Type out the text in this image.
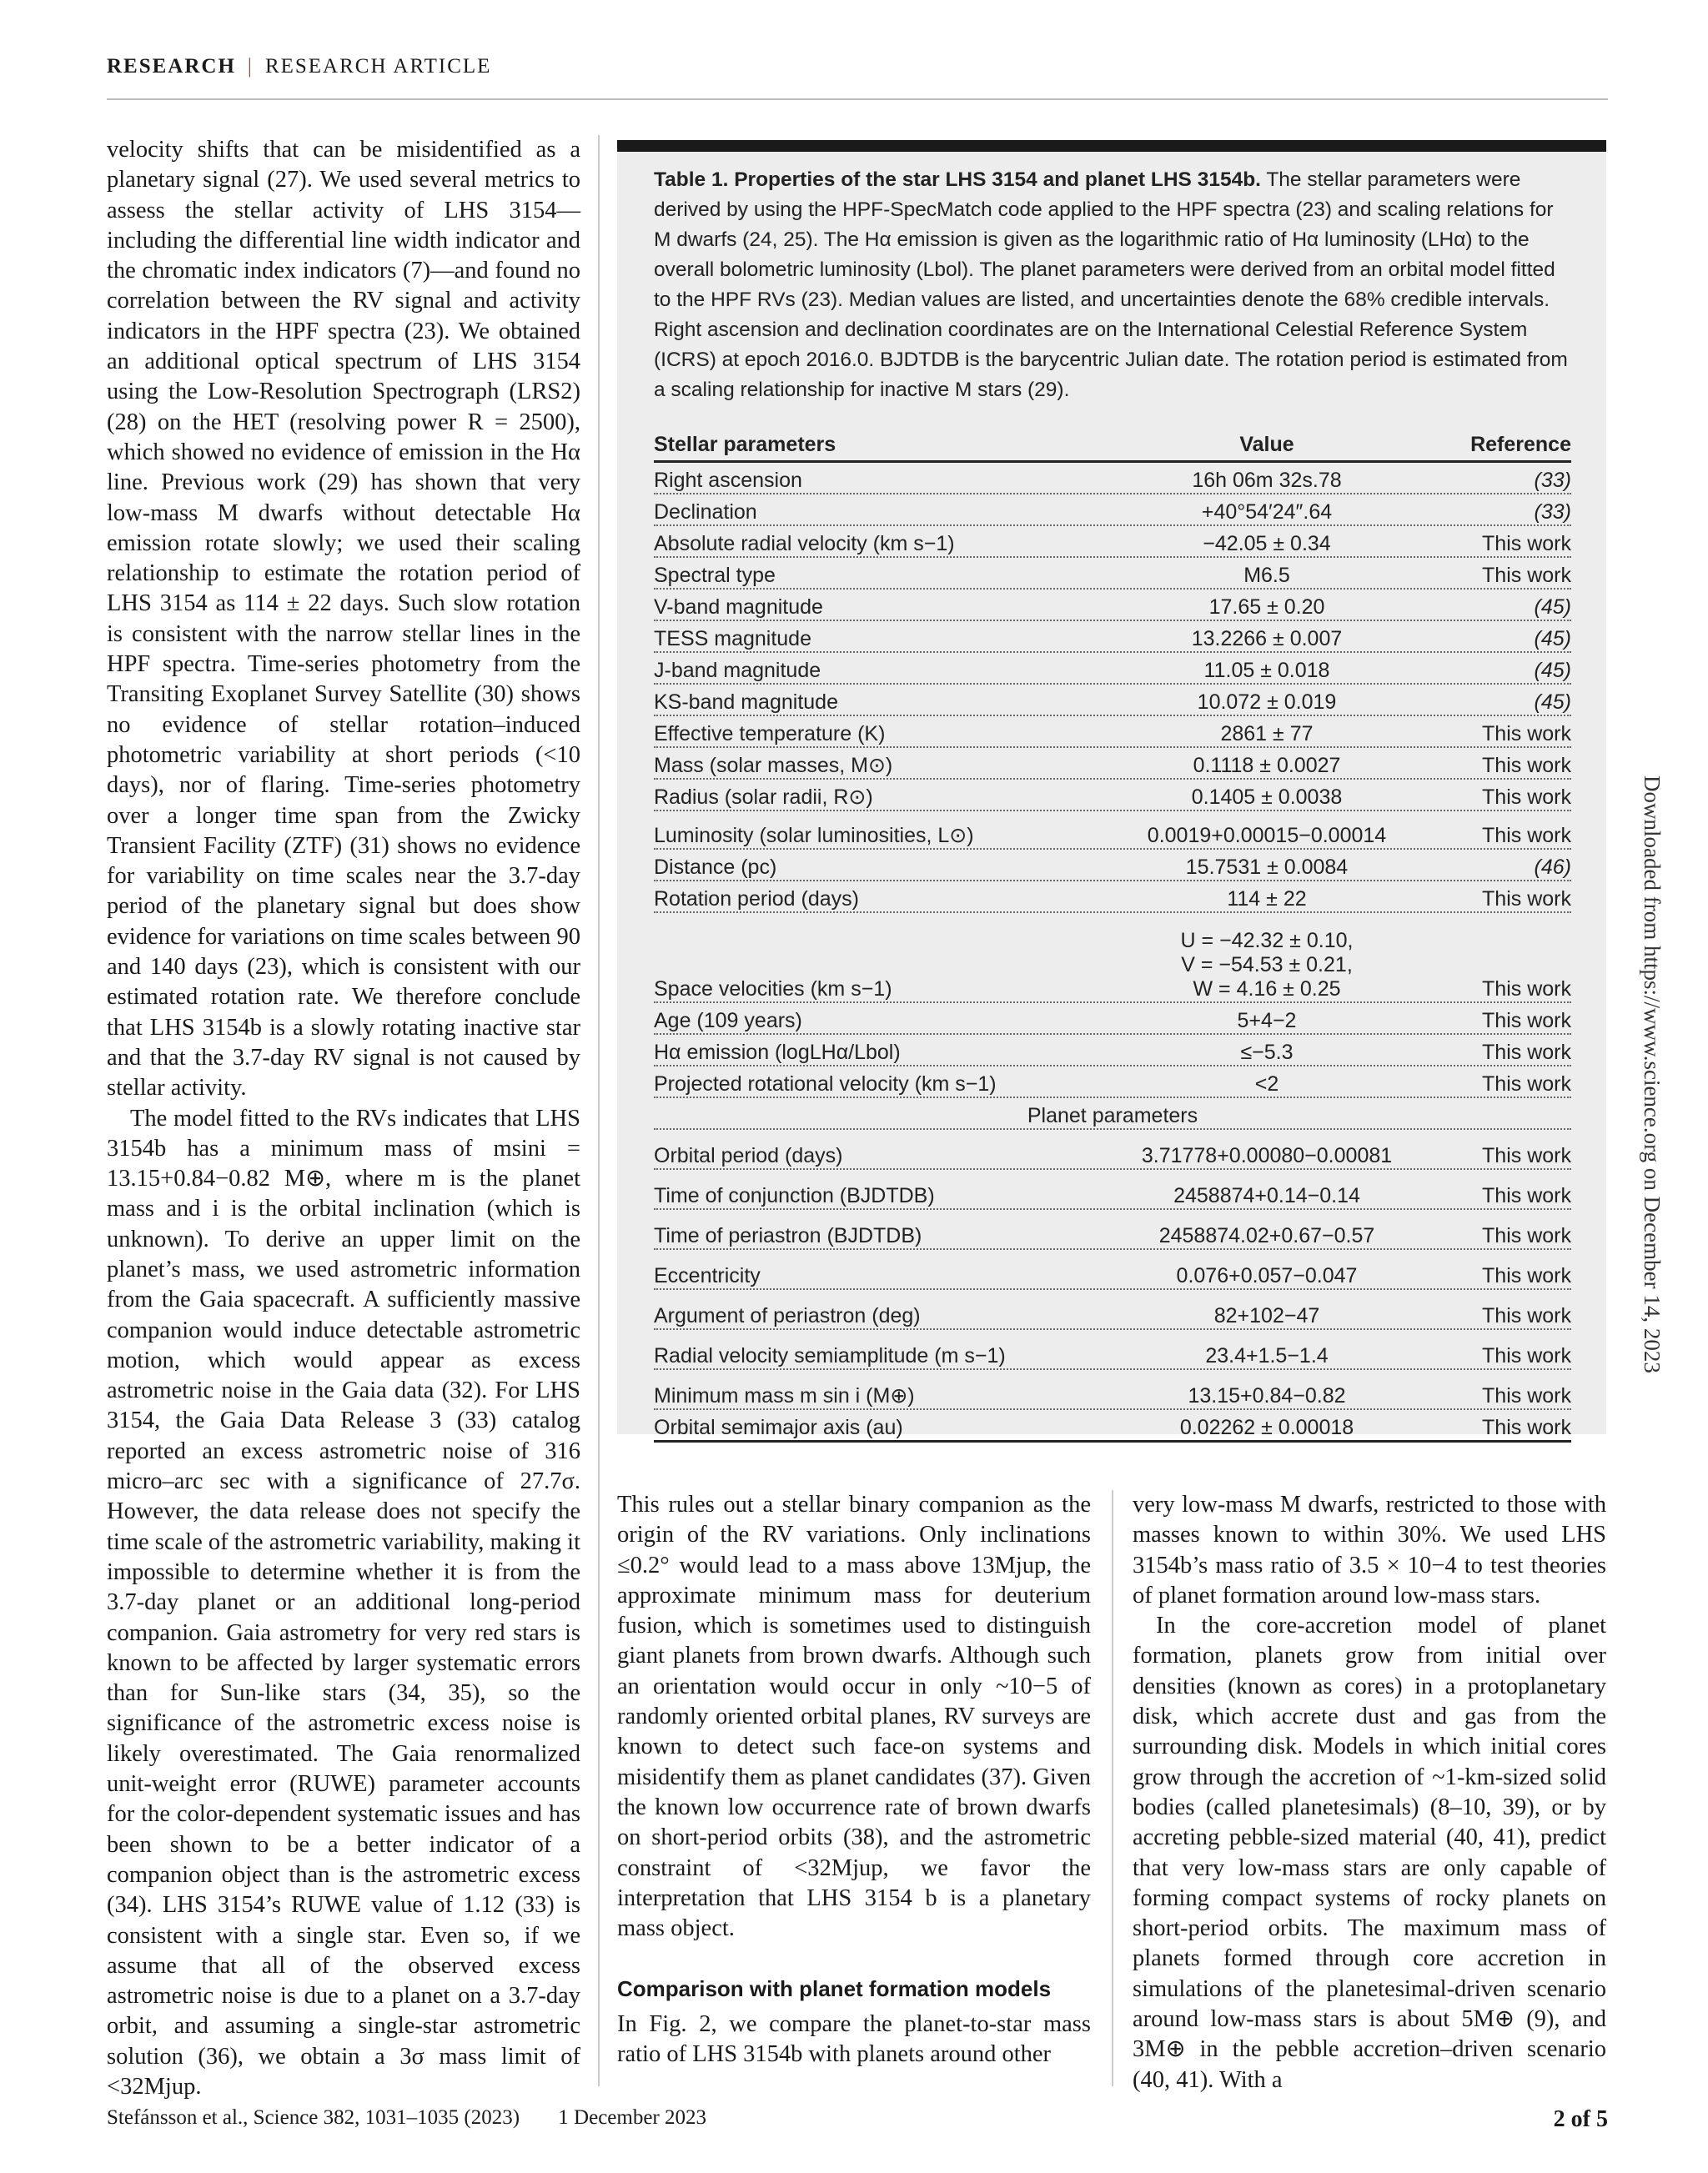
RESEARCH | RESEARCH ARTICLE

velocity shifts that can be misidentified as a planetary signal (27). We used several metrics to assess the stellar activity of LHS 3154—including the differential line width indicator and the chromatic index indicators (7)—and found no correlation between the RV signal and activity indicators in the HPF spectra (23). We obtained an additional optical spectrum of LHS 3154 using the Low-Resolution Spectrograph (LRS2) (28) on the HET (resolving power R = 2500), which showed no evidence of emission in the Hα line. Previous work (29) has shown that very low-mass M dwarfs without detectable Hα emission rotate slowly; we used their scaling relationship to estimate the rotation period of LHS 3154 as 114 ± 22 days. Such slow rotation is consistent with the narrow stellar lines in the HPF spectra. Time-series photometry from the Transiting Exoplanet Survey Satellite (30) shows no evidence of stellar rotation–induced photometric variability at short periods (<10 days), nor of flaring. Time-series photometry over a longer time span from the Zwicky Transient Facility (ZTF) (31) shows no evidence for variability on time scales near the 3.7-day period of the planetary signal but does show evidence for variations on time scales between 90 and 140 days (23), which is consistent with our estimated rotation rate. We therefore conclude that LHS 3154b is a slowly rotating inactive star and that the 3.7-day RV signal is not caused by stellar activity.

The model fitted to the RVs indicates that LHS 3154b has a minimum mass of msini = 13.15+0.84−0.82 M⊕, where m is the planet mass and i is the orbital inclination (which is unknown). To derive an upper limit on the planet’s mass, we used astrometric information from the Gaia spacecraft. A sufficiently massive companion would induce detectable astrometric motion, which would appear as excess astrometric noise in the Gaia data (32). For LHS 3154, the Gaia Data Release 3 (33) catalog reported an excess astrometric noise of 316 micro–arc sec with a significance of 27.7σ. However, the data release does not specify the time scale of the astrometric variability, making it impossible to determine whether it is from the 3.7-day planet or an additional long-period companion. Gaia astrometry for very red stars is known to be affected by larger systematic errors than for Sun-like stars (34, 35), so the significance of the astrometric excess noise is likely overestimated. The Gaia renormalized unit-weight error (RUWE) parameter accounts for the color-dependent systematic issues and has been shown to be a better indicator of a companion object than is the astrometric excess (34). LHS 3154’s RUWE value of 1.12 (33) is consistent with a single star. Even so, if we assume that all of the observed excess astrometric noise is due to a planet on a 3.7-day orbit, and assuming a single-star astrometric solution (36), we obtain a 3σ mass limit of <32Mjup.

Table 1. Properties of the star LHS 3154 and planet LHS 3154b. The stellar parameters were derived by using the HPF-SpecMatch code applied to the HPF spectra (23) and scaling relations for M dwarfs (24, 25). The Hα emission is given as the logarithmic ratio of Hα luminosity (LHα) to the overall bolometric luminosity (Lbol). The planet parameters were derived from an orbital model fitted to the HPF RVs (23). Median values are listed, and uncertainties denote the 68% credible intervals. Right ascension and declination coordinates are on the International Celestial Reference System (ICRS) at epoch 2016.0. BJDTDB is the barycentric Julian date. The rotation period is estimated from a scaling relationship for inactive M stars (29).
Stellar parameters	Value	Reference
Right ascension	16h 06m 32s.78	(33)
Declination	+40°54′24″.64	(33)
Absolute radial velocity (km s−1)	−42.05 ± 0.34	This work
Spectral type	M6.5	This work
V-band magnitude	17.65 ± 0.20	(45)
TESS magnitude	13.2266 ± 0.007	(45)
J-band magnitude	11.05 ± 0.018	(45)
KS-band magnitude	10.072 ± 0.019	(45)
Effective temperature (K)	2861 ± 77	This work
Mass (solar masses, M⊙)	0.1118 ± 0.0027	This work
Radius (solar radii, R⊙)	0.1405 ± 0.0038	This work
Luminosity (solar luminosities, L⊙)	0.0019+0.00015−0.00014	This work
Distance (pc)	15.7531 ± 0.0084	(46)
Rotation period (days)	114 ± 22	This work
Space velocities (km s−1)
U = −42.32 ± 0.10,
V = −54.53 ± 0.21,
W = 4.16 ± 0.25	This work
Age (109 years)	5+4−2	This work
Hα emission (logLHα/Lbol)	≤−5.3	This work
Projected rotational velocity (km s−1)	<2	This work
Planet parameters
Orbital period (days)	3.71778+0.00080−0.00081	This work
Time of conjunction (BJDTDB)	2458874+0.14−0.14	This work
Time of periastron (BJDTDB)	2458874.02+0.67−0.57	This work
Eccentricity	0.076+0.057−0.047	This work
Argument of periastron (deg)	82+102−47	This work
Radial velocity semiamplitude (m s−1)	23.4+1.5−1.4	This work
Minimum mass m sin i (M⊕)	13.15+0.84−0.82	This work
Orbital semimajor axis (au)	0.02262 ± 0.00018	This work

This rules out a stellar binary companion as the origin of the RV variations. Only inclinations ≤0.2° would lead to a mass above 13Mjup, the approximate minimum mass for deuterium fusion, which is sometimes used to distinguish giant planets from brown dwarfs. Although such an orientation would occur in only ~10−5 of randomly oriented orbital planes, RV surveys are known to detect such face-on systems and misidentify them as planet candidates (37). Given the known low occurrence rate of brown dwarfs on short-period orbits (38), and the astrometric constraint of <32Mjup, we favor the interpretation that LHS 3154 b is a planetary mass object.

Comparison with planet formation models

In Fig. 2, we compare the planet-to-star mass ratio of LHS 3154b with planets around other

very low-mass M dwarfs, restricted to those with masses known to within 30%. We used LHS 3154b’s mass ratio of 3.5 × 10−4 to test theories of planet formation around low-mass stars.

In the core-accretion model of planet formation, planets grow from initial over densities (known as cores) in a protoplanetary disk, which accrete dust and gas from the surrounding disk. Models in which initial cores grow through the accretion of ~1-km-sized solid bodies (called planetesimals) (8–10, 39), or by accreting pebble-sized material (40, 41), predict that very low-mass stars are only capable of forming compact systems of rocky planets on short-period orbits. The maximum mass of planets formed through core accretion in simulations of the planetesimal-driven scenario around low-mass stars is about 5M⊕ (9), and 3M⊕ in the pebble accretion–driven scenario (40, 41). With a

Downloaded from https://www.science.org on December 14, 2023
Stefánsson et al., Science 382, 1031–1035 (2023) 1 December 2023	2 of 5
